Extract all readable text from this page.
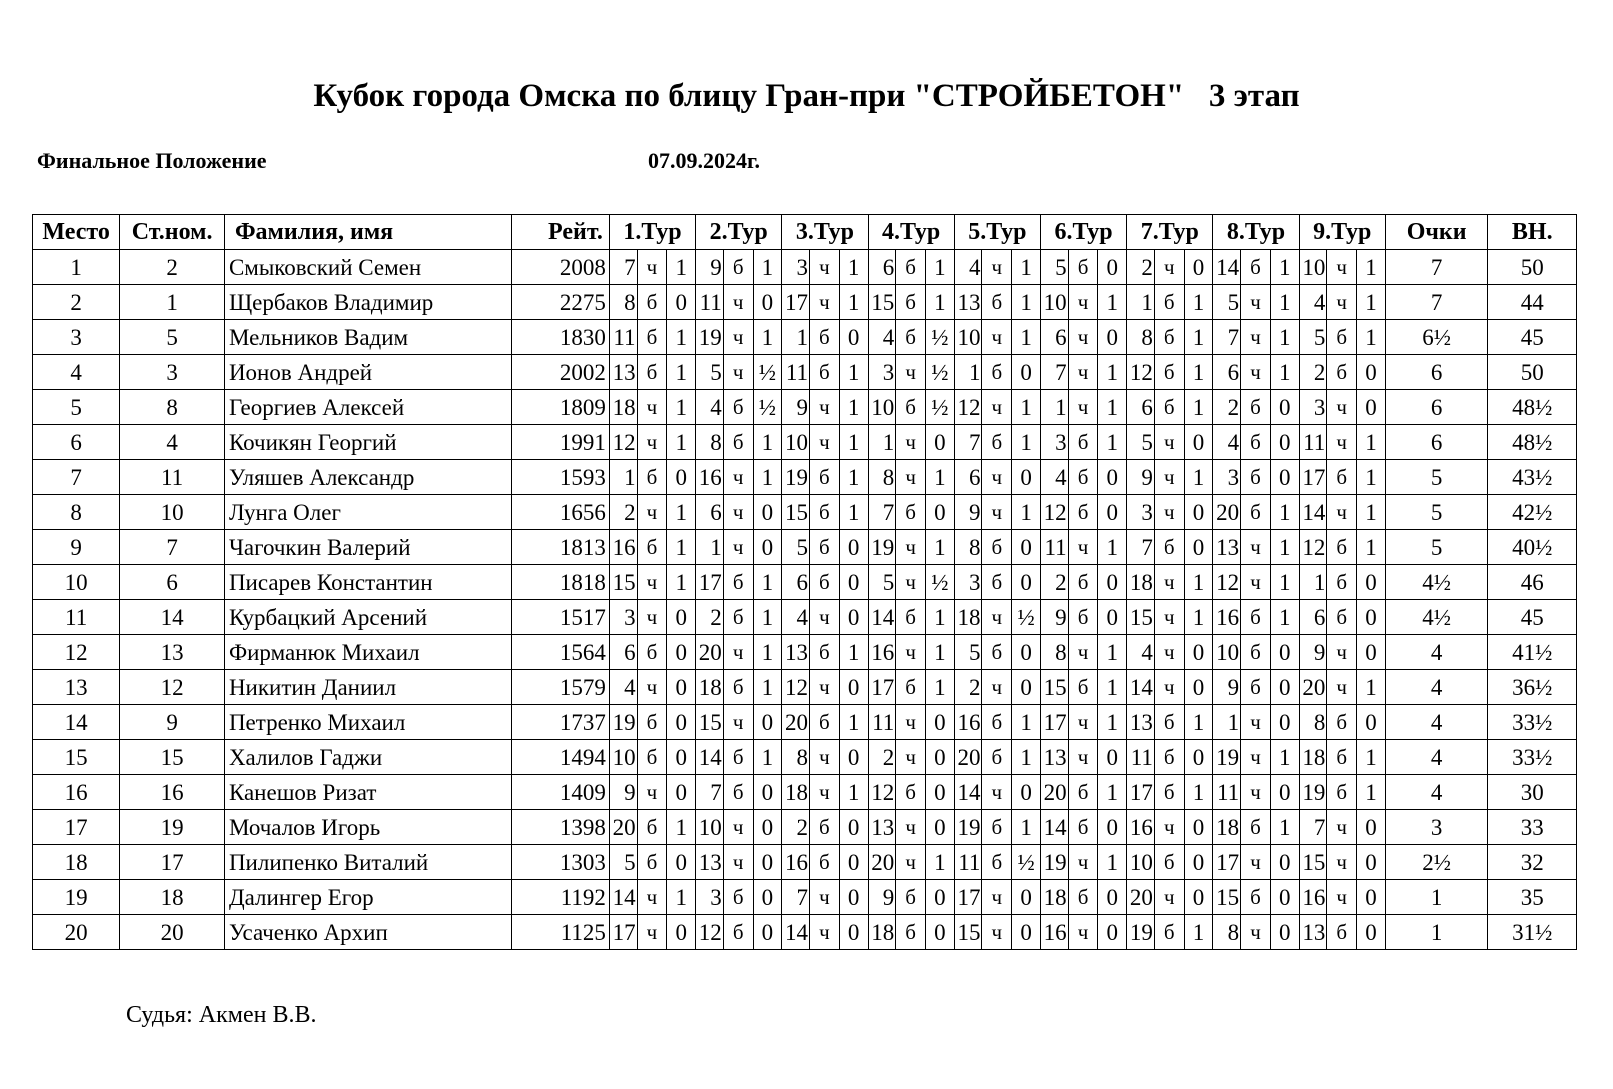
Кубок города Омска по блицу Гран-при "СТРОЙБЕТОН"   3 этап
Финальное Положение	07.09.2024г.
Место	Ст.ном.	Фамилия, имя	Рейт.	1.Тур			2.Тур			3.Тур			4.Тур			5.Тур			6.Тур			7.Тур			8.Тур			9.Тур			Очки	ВН.
1	2	Смыковский Семен	2008	7	ч	1	9	б	1	3	ч	1	6	б	1	4	ч	1	5	б	0	2	ч	0	14	б	1	10	ч	1	7	50
2	1	Щербаков Владимир	2275	8	б	0	11	ч	0	17	ч	1	15	б	1	13	б	1	10	ч	1	1	б	1	5	ч	1	4	ч	1	7	44
3	5	Мельников Вадим	1830	11	б	1	19	ч	1	1	б	0	4	б	½	10	ч	1	6	ч	0	8	б	1	7	ч	1	5	б	1	6½	45
4	3	Ионов Андрей	2002	13	б	1	5	ч	½	11	б	1	3	ч	½	1	б	0	7	ч	1	12	б	1	6	ч	1	2	б	0	6	50
5	8	Георгиев Алексей	1809	18	ч	1	4	б	½	9	ч	1	10	б	½	12	ч	1	1	ч	1	6	б	1	2	б	0	3	ч	0	6	48½
6	4	Кочикян Георгий	1991	12	ч	1	8	б	1	10	ч	1	1	ч	0	7	б	1	3	б	1	5	ч	0	4	б	0	11	ч	1	6	48½
7	11	Уляшев Александр	1593	1	б	0	16	ч	1	19	б	1	8	ч	1	6	ч	0	4	б	0	9	ч	1	3	б	0	17	б	1	5	43½
8	10	Лунга Олег	1656	2	ч	1	6	ч	0	15	б	1	7	б	0	9	ч	1	12	б	0	3	ч	0	20	б	1	14	ч	1	5	42½
9	7	Чагочкин Валерий	1813	16	б	1	1	ч	0	5	б	0	19	ч	1	8	б	0	11	ч	1	7	б	0	13	ч	1	12	б	1	5	40½
10	6	Писарев Константин	1818	15	ч	1	17	б	1	6	б	0	5	ч	½	3	б	0	2	б	0	18	ч	1	12	ч	1	1	б	0	4½	46
11	14	Курбацкий Арсений	1517	3	ч	0	2	б	1	4	ч	0	14	б	1	18	ч	½	9	б	0	15	ч	1	16	б	1	6	б	0	4½	45
12	13	Фирманюк Михаил	1564	6	б	0	20	ч	1	13	б	1	16	ч	1	5	б	0	8	ч	1	4	ч	0	10	б	0	9	ч	0	4	41½
13	12	Никитин Даниил	1579	4	ч	0	18	б	1	12	ч	0	17	б	1	2	ч	0	15	б	1	14	ч	0	9	б	0	20	ч	1	4	36½
14	9	Петренко Михаил	1737	19	б	0	15	ч	0	20	б	1	11	ч	0	16	б	1	17	ч	1	13	б	1	1	ч	0	8	б	0	4	33½
15	15	Халилов Гаджи	1494	10	б	0	14	б	1	8	ч	0	2	ч	0	20	б	1	13	ч	0	11	б	0	19	ч	1	18	б	1	4	33½
16	16	Канешов Ризат	1409	9	ч	0	7	б	0	18	ч	1	12	б	0	14	ч	0	20	б	1	17	б	1	11	ч	0	19	б	1	4	30
17	19	Мочалов Игорь	1398	20	б	1	10	ч	0	2	б	0	13	ч	0	19	б	1	14	б	0	16	ч	0	18	б	1	7	ч	0	3	33
18	17	Пилипенко Виталий	1303	5	б	0	13	ч	0	16	б	0	20	ч	1	11	б	½	19	ч	1	10	б	0	17	ч	0	15	ч	0	2½	32
19	18	Далингер Егор	1192	14	ч	1	3	б	0	7	ч	0	9	б	0	17	ч	0	18	б	0	20	ч	0	15	б	0	16	ч	0	1	35
20	20	Усаченко Архип	1125	17	ч	0	12	б	0	14	ч	0	18	б	0	15	ч	0	16	ч	0	19	б	1	8	ч	0	13	б	0	1	31½
Судья: Акмен В.В.
